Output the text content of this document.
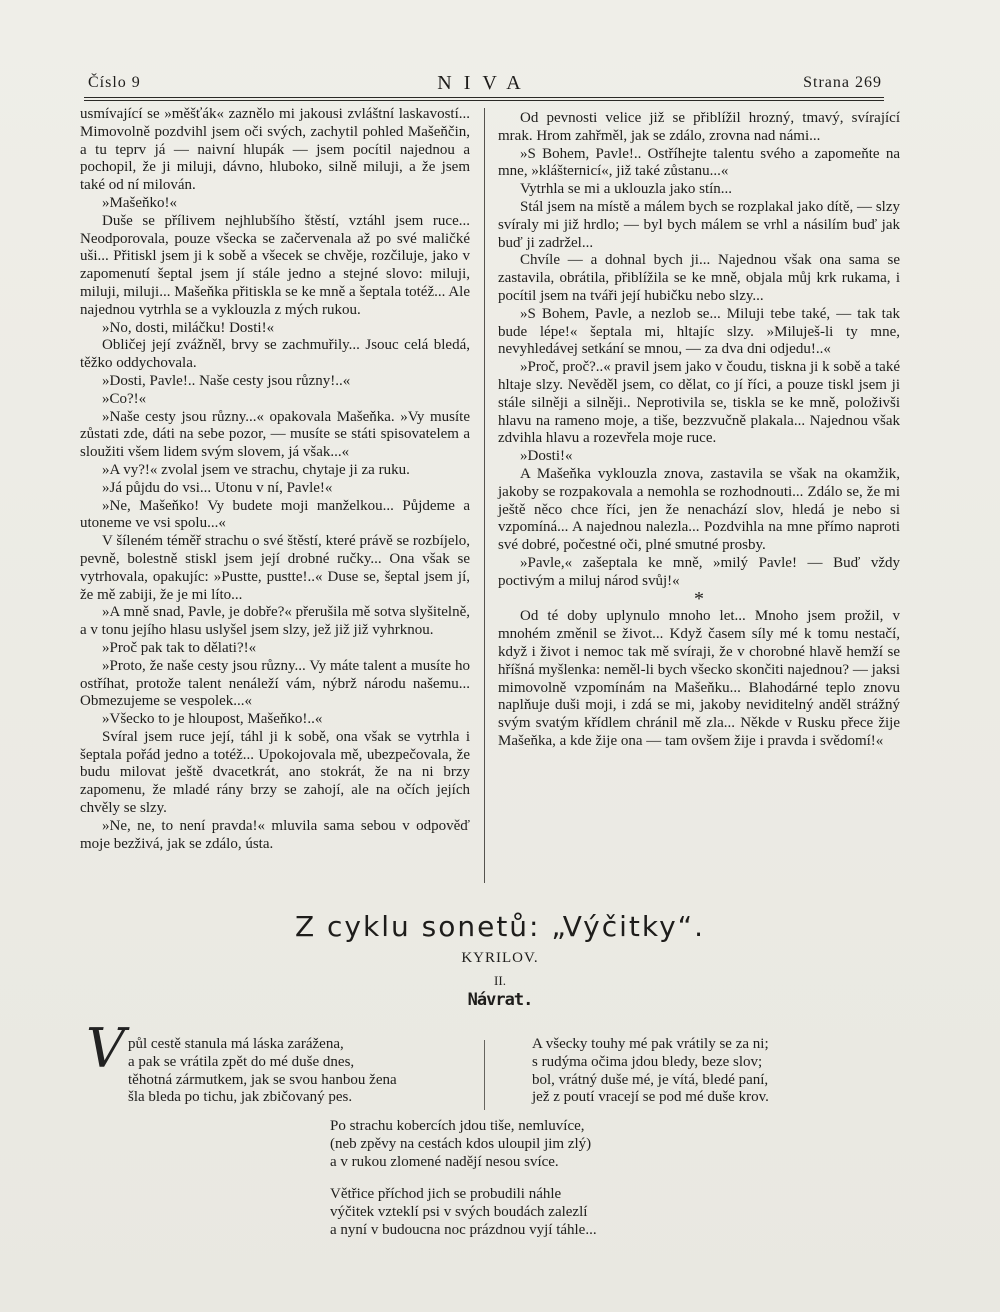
Číslo 9	NIVA	Strana 269

usmívající se »měšťák« zaznělo mi jakousi zvláštní laskavostí... Mimovolně pozdvihl jsem oči svých, zachytil pohled Mašeňčin, a tu teprv já — naivní hlupák — jsem pocítil najednou a pochopil, že ji miluji, dávno, hluboko, silně miluji, a že jsem také od ní milován.

»Mašeňko!«

Duše se přílivem nejhlubšího štěstí, vztáhl jsem ruce... Neodporovala, pouze všecka se začervenala až po své maličké uši... Přitiskl jsem ji k sobě a všecek se chvěje, rozčiluje, jako v zapomenutí šeptal jsem jí stále jedno a stejné slovo: miluji, miluji, miluji... Mašeňka přitiskla se ke mně a šeptala totéž... Ale najednou vytrhla se a vyklouzla z mých rukou.

»No, dosti, miláčku! Dosti!«

Obličej její zvážněl, brvy se zachmuřily... Jsouc celá bledá, těžko oddychovala.

»Dosti, Pavle!.. Naše cesty jsou různy!..«

»Co?!«

»Naše cesty jsou různy...« opakovala Mašeňka. »Vy musíte zůstati zde, dáti na sebe pozor, — musíte se státi spisovatelem a sloužiti všem lidem svým slovem, já však...«

»A vy?!« zvolal jsem ve strachu, chytaje ji za ruku.

»Já půjdu do vsi... Utonu v ní, Pavle!«

»Ne, Mašeňko! Vy budete moji manželkou... Půjdeme a utoneme ve vsi spolu...«

V šíleném téměř strachu o své štěstí, které právě se rozbíjelo, pevně, bolestně stiskl jsem její drobné ručky... Ona však se vytrhovala, opakujíc: »Pustte, pustte!..« Duse se, šeptal jsem jí, že mě zabiji, že je mi líto...

»A mně snad, Pavle, je dobře?« přerušila mě sotva slyšitelně, a v tonu jejího hlasu uslyšel jsem slzy, jež již již vyhrknou.

»Proč pak tak to dělati?!«

»Proto, že naše cesty jsou různy... Vy máte talent a musíte ho ostříhat, protože talent nenáleží vám, nýbrž národu našemu... Obmezujeme se vespolek...«

»Všecko to je hloupost, Mašeňko!..«

Svíral jsem ruce její, táhl ji k sobě, ona však se vytrhla i šeptala pořád jedno a totéž... Upokojovala mě, ubezpečovala, že budu milovat ještě dvacetkrát, ano stokrát, že na ni brzy zapomenu, že mladé rány brzy se zahojí, ale na očích jejích chvěly se slzy.

»Ne, ne, to není pravda!« mluvila sama sebou v odpověď moje bezživá, jak se zdálo, ústa.

Od pevnosti velice již se přiblížil hrozný, tmavý, svírající mrak. Hrom zahřměl, jak se zdálo, zrovna nad námi...

»S Bohem, Pavle!.. Ostříhejte talentu svého a zapomeňte na mne, »klášternicí«, již také zůstanu...«

Vytrhla se mi a uklouzla jako stín...

Stál jsem na místě a málem bych se rozplakal jako dítě, — slzy svíraly mi již hrdlo; — byl bych málem se vrhl a násilím buď jak buď ji zadržel...

Chvíle — a dohnal bych ji... Najednou však ona sama se zastavila, obrátila, přiblížila se ke mně, objala můj krk rukama, i pocítil jsem na tváři její hubičku nebo slzy...

»S Bohem, Pavle, a nezlob se... Miluji tebe také, — tak tak bude lépe!« šeptala mi, hltajíc slzy. »Miluješ-li ty mne, nevyhledávej setkání se mnou, — za dva dni odjedu!..«

»Proč, proč?..« pravil jsem jako v čoudu, tiskna ji k sobě a také hltaje slzy. Nevěděl jsem, co dělat, co jí říci, a pouze tiskl jsem ji stále silněji a silněji.. Neprotivila se, tiskla se ke mně, položivši hlavu na rameno moje, a tiše, bezzvučně plakala... Najednou však zdvihla hlavu a rozevřela moje ruce.

»Dosti!«

A Mašeňka vyklouzla znova, zastavila se však na okamžik, jakoby se rozpakovala a nemohla se rozhodnouti... Zdálo se, že mi ještě něco chce říci, jen že nenachází slov, hledá je nebo si vzpomíná... A najednou nalezla... Pozdvihla na mne přímo naproti své dobré, počestné oči, plné smutné prosby.

»Pavle,« zašeptala ke mně, »milý Pavle! — Buď vždy poctivým a miluj národ svůj!«

*

Od té doby uplynulo mnoho let... Mnoho jsem prožil, v mnohém změnil se život... Když časem síly mé k tomu nestačí, když i život i nemoc tak mě svíraji, že v chorobné hlavě hemží se hříšná myšlenka: neměl-li bych všecko skončiti najednou? — jaksi mimovolně vzpomínám na Mašeňku... Blahodárné teplo znovu naplňuje duši moji, i zdá se mi, jakoby neviditelný anděl strážný svým svatým křídlem chránil mě zla... Někde v Rusku přece žije Mašeňka, a kde žije ona — tam ovšem žije i pravda i svědomí!«

Z cyklu sonetů: „Výčitky“.
KYRILOV.
II.
Návrat.
V půl cestě stanula má láska zarážena,
a pak se vrátila zpět do mé duše dnes,
těhotná zármutkem, jak se svou hanbou žena
šla bleda po tichu, jak zbičovaný pes.
A všecky touhy mé pak vrátily se za ni;
s rudýma očima jdou bledy, beze slov;
bol, vrátný duše mé, je vítá, bledé paní,
jež z poutí vracejí se pod mé duše krov.
Po strachu kobercích jdou tiše, nemluvíce,
(neb zpěvy na cestách kdos uloupil jim zlý)
a v rukou zlomené nadějí nesou svíce.
Větřice příchod jich se probudili náhle
výčitek vzteklí psi v svých boudách zalezlí
a nyní v budoucna noc prázdnou vyjí táhle...
